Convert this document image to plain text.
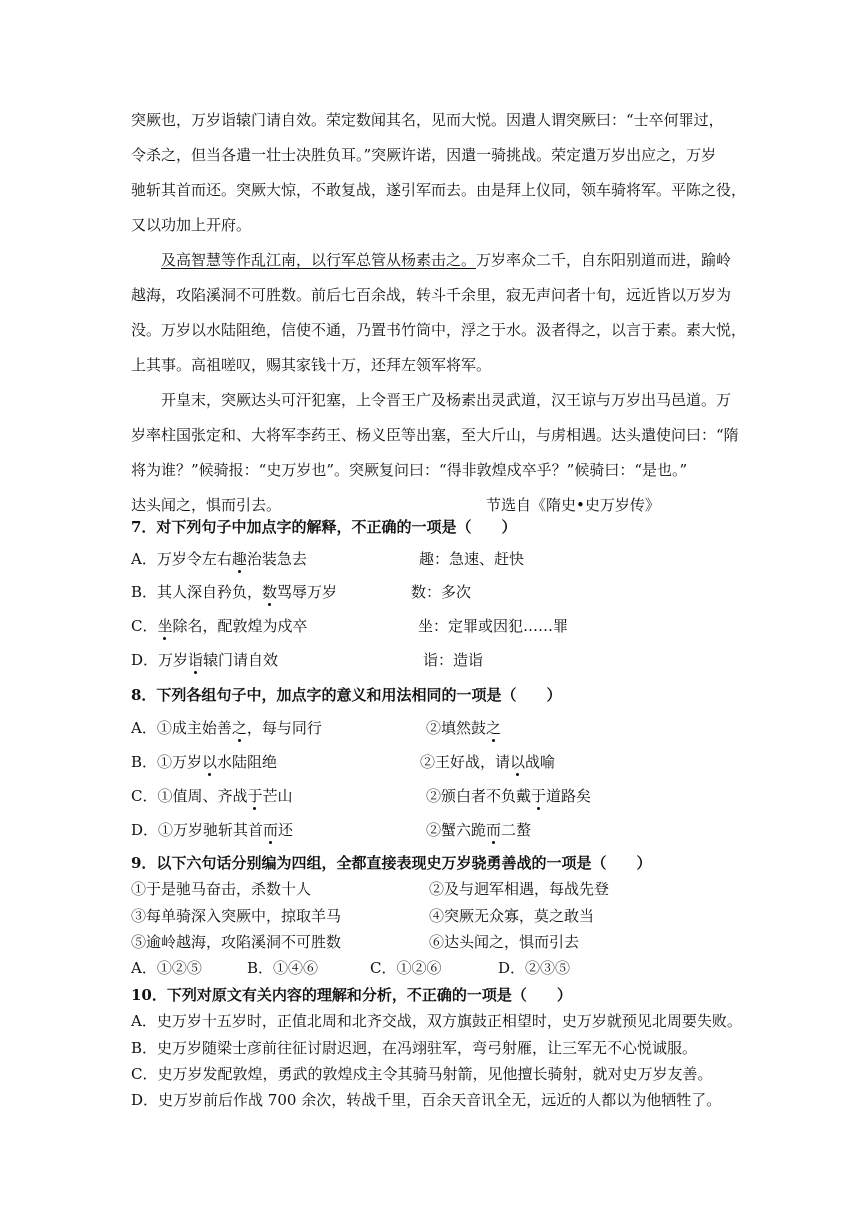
突厥也，万岁诣辕门请自效。荣定数闻其名，见而大悦。因遣人谓突厥曰：“士卒何罪过，
令杀之，但当各遣一壮士决胜负耳。”突厥许诺，因遣一骑挑战。荣定遣万岁出应之，万岁
驰斩其首而还。突厥大惊，不敢复战，遂引军而去。由是拜上仪同，领车骑将军。平陈之役，
又以功加上开府。
及高智慧等作乱江南，以行军总管从杨素击之。万岁率众二千，自东阳别道而进，踰岭
越海，攻陷溪洞不可胜数。前后七百余战，转斗千余里，寂无声问者十旬，远近皆以万岁为
没。万岁以水陆阻绝，信使不通，乃置书竹筒中，浮之于水。汲者得之，以言于素。素大悦，
上其事。高祖嗟叹，赐其家钱十万，还拜左领军将军。
开皇末，突厥达头可汗犯塞，上令晋王广及杨素出灵武道，汉王谅与万岁出马邑道。万
岁率柱国张定和、大将军李药王、杨义臣等出塞，至大斤山，与虏相遇。达头遣使问曰：“隋
将为谁？”候骑报：“史万岁也”。突厥复问曰：“得非敦煌戍卒乎？”候骑曰：“是也。”
达头闻之，惧而引去。	节选自《隋史•史万岁传》
7．对下列句子中加点字的解释，不正确的一项是（　　）
A．万岁令左右趣治装急去	趣：急速、赶快
B．其人深自矜负，数骂辱万岁	数：多次
C．坐除名，配敦煌为戍卒	坐：定罪或因犯……罪
D．万岁诣辕门请自效	诣：造诣
8．下列各组句子中，加点字的意义和用法相同的一项是（　　）
A．①成主始善之，每与同行	②填然鼓之
B．①万岁以水陆阻绝	②王好战，请以战喻
C．①值周、齐战于芒山	②颁白者不负戴于道路矣
D．①万岁驰斩其首而还	②蟹六跪而二螯
9．以下六句话分别编为四组，全都直接表现史万岁骁勇善战的一项是（　　）
①于是驰马奋击，杀数十人	②及与迥军相遇，每战先登
③每单骑深入突厥中，掠取羊马	④突厥无众寡，莫之敢当
⑤逾岭越海，攻陷溪洞不可胜数	⑥达头闻之，惧而引去
A．①②⑤	B．①④⑥	C．①②⑥	D．②③⑤
10．下列对原文有关内容的理解和分析，不正确的一项是（　　）
A．史万岁十五岁时，正值北周和北齐交战，双方旗鼓正相望时，史万岁就预见北周要失败。
B．史万岁随梁士彦前往征讨尉迟迥，在冯翊驻军，弯弓射雁，让三军无不心悦诚服。
C．史万岁发配敦煌，勇武的敦煌戍主令其骑马射箭，见他擅长骑射，就对史万岁友善。
D．史万岁前后作战 700 余次，转战千里，百余天音讯全无，远近的人都以为他牺牲了。
